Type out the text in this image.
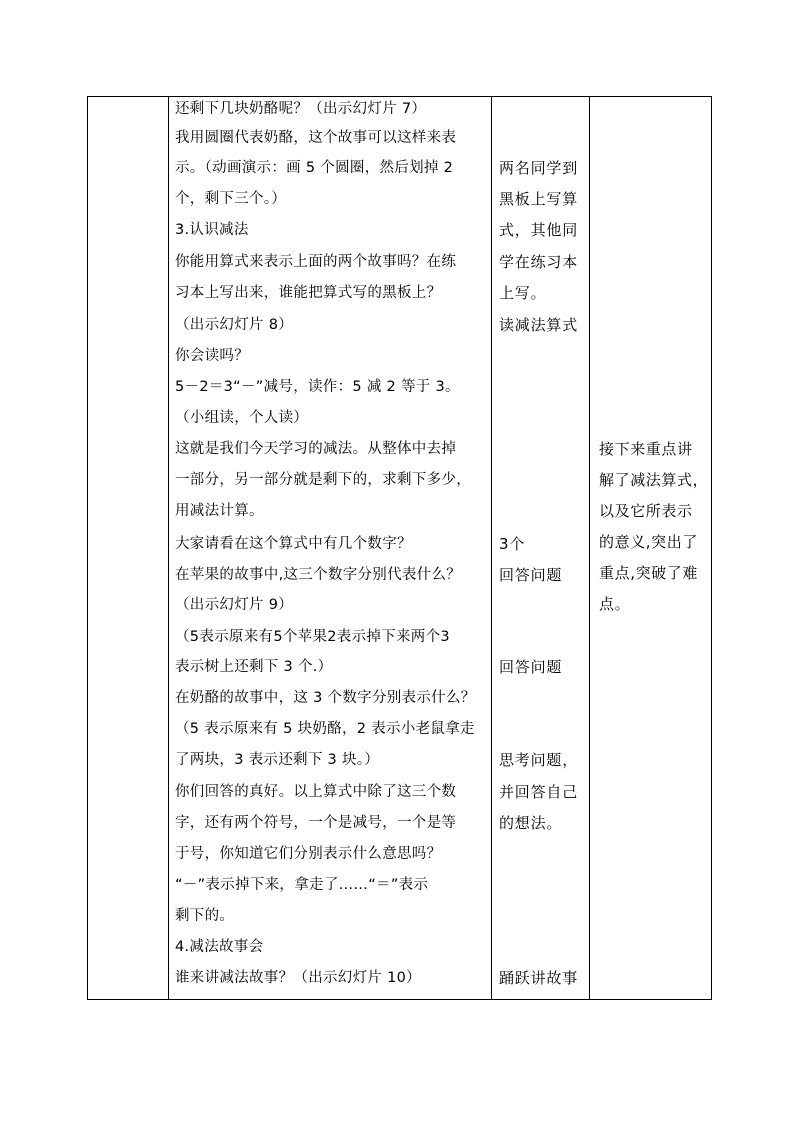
还剩下几块奶酪呢？（出示幻灯片 7）
我用圆圈代表奶酪，这个故事可以这样来表
示。（动画演示：画 5 个圆圈，然后划掉 2
个，剩下三个。）
3.认识减法
你能用算式来表示上面的两个故事吗？在练
习本上写出来，谁能把算式写的黑板上？
（出示幻灯片 8）
你会读吗？
5－2＝3“－”减号，读作：5 减 2 等于 3。
（小组读，个人读）
这就是我们今天学习的减法。从整体中去掉
一部分，另一部分就是剩下的，求剩下多少，
用减法计算。
大家请看在这个算式中有几个数字？
在苹果的故事中,这三个数字分别代表什么？
（出示幻灯片 9）
（5表示原来有5个苹果2表示掉下来两个3
表示树上还剩下 3 个.）
在奶酪的故事中，这 3 个数字分别表示什么？
（5 表示原来有 5 块奶酪，2 表示小老鼠拿走
了两块，3 表示还剩下 3 块。）
你们回答的真好。以上算式中除了这三个数
字，还有两个符号，一个是减号，一个是等
于号，你知道它们分别表示什么意思吗？
“－”表示掉下来，拿走了……“＝”表示
剩下的。
4.减法故事会
谁来讲减法故事？（出示幻灯片 10）

两名同学到
黑板上写算
式，其他同
学在练习本
上写。
读减法算式
3个
回答问题
回答问题
思考问题，
并回答自己
的想法。
踊跃讲故事

接下来重点讲
解了减法算式，
以及它所表示
的意义,突出了
重点,突破了难
点。
